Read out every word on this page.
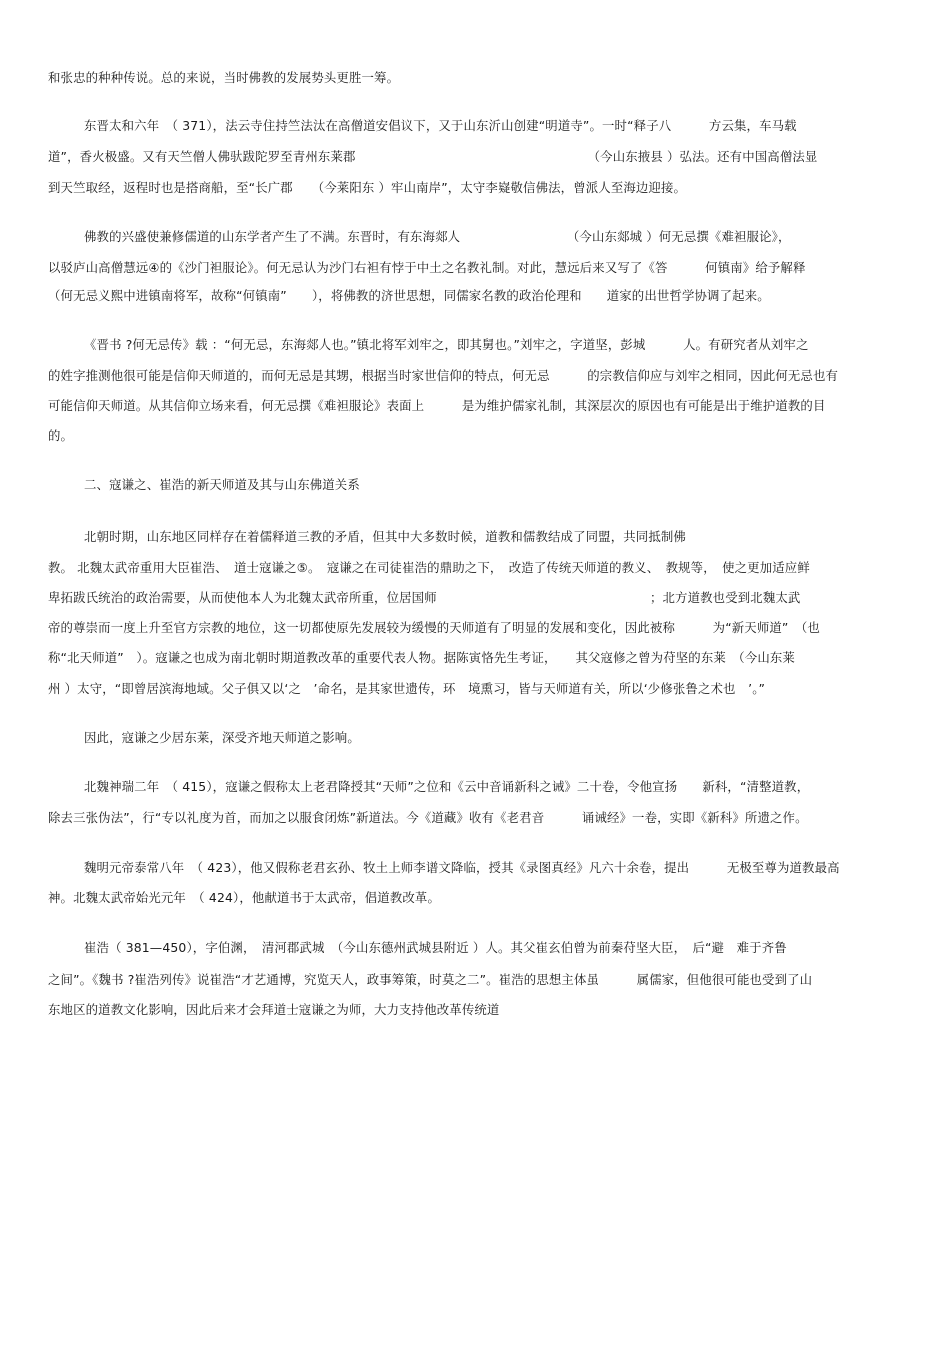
和张忠的种种传说。总的来说，当时佛教的发展势头更胜一筹。
东晋太和六年　（ 371），法云寺住持竺法汰在高僧道安倡议下，又于山东沂山创建“明道寺”。一时“释子八　　　方云集，车马载
道”，香火极盛。又有天竺僧人佛驮跋陀罗至青州东莱郡　　　　　　　　　　　　　　　　　　　（今山东掖县 ）弘法。还有中国高僧法显
到天竺取经，返程时也是搭商船，至“长广郡　　（今莱阳东 ）牢山南岸”，太守李嶷敬信佛法，曾派人至海边迎接。
佛教的兴盛使兼修儒道的山东学者产生了不满。东晋时，有东海郯人　　　　　　　　　（今山东郯城 ）何无忌撰《难袒服论》，
以驳庐山高僧慧远④的《沙门袒服论》。何无忌认为沙门右袒有悖于中土之名教礼制。对此，慧远后来又写了《答　　　何镇南》给予解释
（何无忌义熙中进镇南将军，故称“何镇南”　　），将佛教的济世思想，同儒家名教的政治伦理和　　道家的出世哲学协调了起来。
《晋书 ?何无忌传》载 ：“何无忌，东海郯人也。”镇北将军刘牢之，即其舅也。”刘牢之，字道坚，彭城　　　人。有研究者从刘牢之
的姓字推测他很可能是信仰天师道的，而何无忌是其甥，根据当时家世信仰的特点，何无忌　　　的宗教信仰应与刘牢之相同，因此何无忌也有
可能信仰天师道。从其信仰立场来看，何无忌撰《难袒服论》表面上　　　是为维护儒家礼制，其深层次的原因也有可能是出于维护道教的目
的。
二、寇谦之、崔浩的新天师道及其与山东佛道关系
北朝时期，山东地区同样存在着儒释道三教的矛盾，但其中大多数时候，道教和儒教结成了同盟，共同抵制佛
教。 北魏太武帝重用大臣崔浩、　道士寇谦之⑤。　寇谦之在司徒崔浩的鼎助之下，　改造了传统天师道的教义、　教规等，　使之更加适应鲜
卑拓跋氏统治的政治需要，从而使他本人为北魏太武帝所重，位居国师　　　　　　　　　　　　　　　　　；北方道教也受到北魏太武
帝的尊崇而一度上升至官方宗教的地位，这一切都使原先发展较为缓慢的天师道有了明显的发展和变化，因此被称　　　为“新天师道”　（也
称“北天师道”　）。寇谦之也成为南北朝时期道教改革的重要代表人物。据陈寅恪先生考证，　　其父寇修之曾为苻坚的东莱　（今山东莱
州 ）太守，“即曾居滨海地域。父子俱又以‘之　’命名，是其家世遗传，环　境熏习，皆与天师道有关，所以‘少修张鲁之术也　’。”
因此，寇谦之少居东莱，深受齐地天师道之影响。
北魏神瑞二年　（ 415），寇谦之假称太上老君降授其“天师”之位和《云中音诵新科之诫》二十卷，令他宣扬　　新科，“清整道教，
除去三张伪法”，行“专以礼度为首，而加之以服食闭炼”新道法。今《道藏》收有《老君音　　　诵诫经》一卷，实即《新科》所遗之作。
魏明元帝泰常八年　（ 423），他又假称老君玄孙、牧土上师李谱文降临，授其《录图真经》凡六十余卷，提出　　　无极至尊为道教最高
神。北魏太武帝始光元年　（ 424），他献道书于太武帝，倡道教改革。
崔浩（ 381—450），字伯渊，　清河郡武城　（今山东德州武城县附近 ）人。其父崔玄伯曾为前秦苻坚大臣，　后“避　难于齐鲁
之间”。《魏书 ?崔浩列传》说崔浩“才艺通博，究览天人，政事筹策，时莫之二”。崔浩的思想主体虽　　　属儒家，但他很可能也受到了山
东地区的道教文化影响，因此后来才会拜道士寇谦之为师，大力支持他改革传统道
